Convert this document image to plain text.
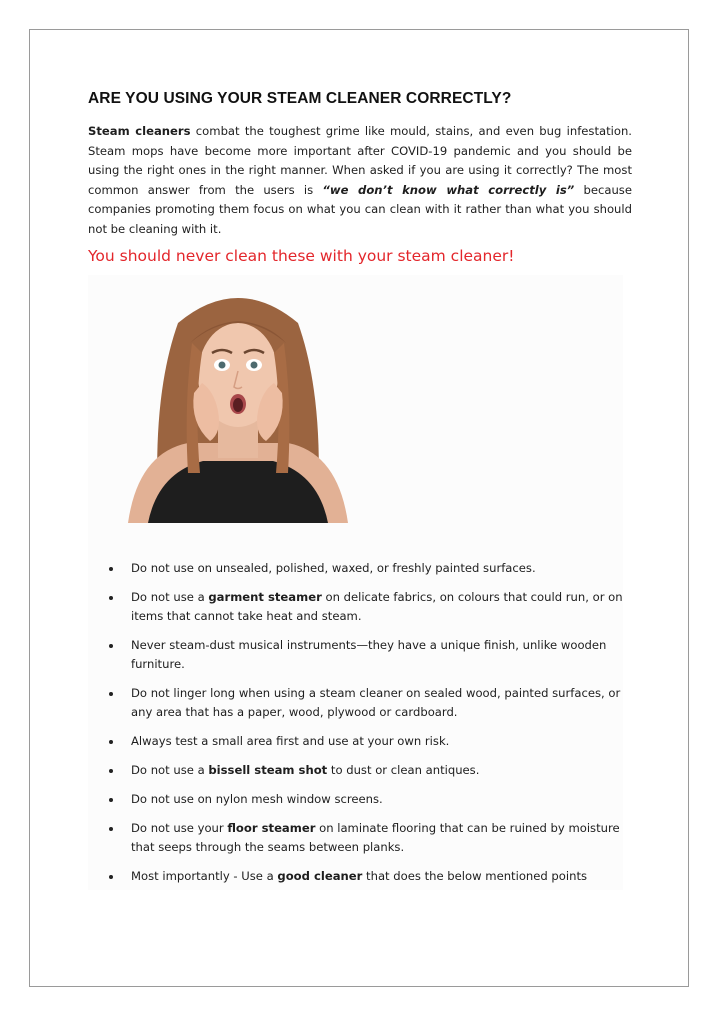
ARE YOU USING YOUR STEAM CLEANER CORRECTLY?

Steam cleaners combat the toughest grime like mould, stains, and even bug infestation. Steam mops have become more important after COVID-19 pandemic and you should be using the right ones in the right manner. When asked if you are using it correctly? The most common answer from the users is “we don’t know what correctly is” because companies promoting them focus on what you can clean with it rather than what you should not be cleaning with it.

You should never clean these with your steam cleaner!
Do not use on unsealed, polished, waxed, or freshly painted surfaces.
Do not use a garment steamer on delicate fabrics, on colours that could run, or on items that cannot take heat and steam.
Never steam-dust musical instruments—they have a unique finish, unlike wooden furniture.
Do not linger long when using a steam cleaner on sealed wood, painted surfaces, or any area that has a paper, wood, plywood or cardboard.
Always test a small area first and use at your own risk.
Do not use a bissell steam shot to dust or clean antiques.
Do not use on nylon mesh window screens.
Do not use your floor steamer on laminate flooring that can be ruined by moisture that seeps through the seams between planks.
Most importantly - Use a good cleaner that does the below mentioned points
